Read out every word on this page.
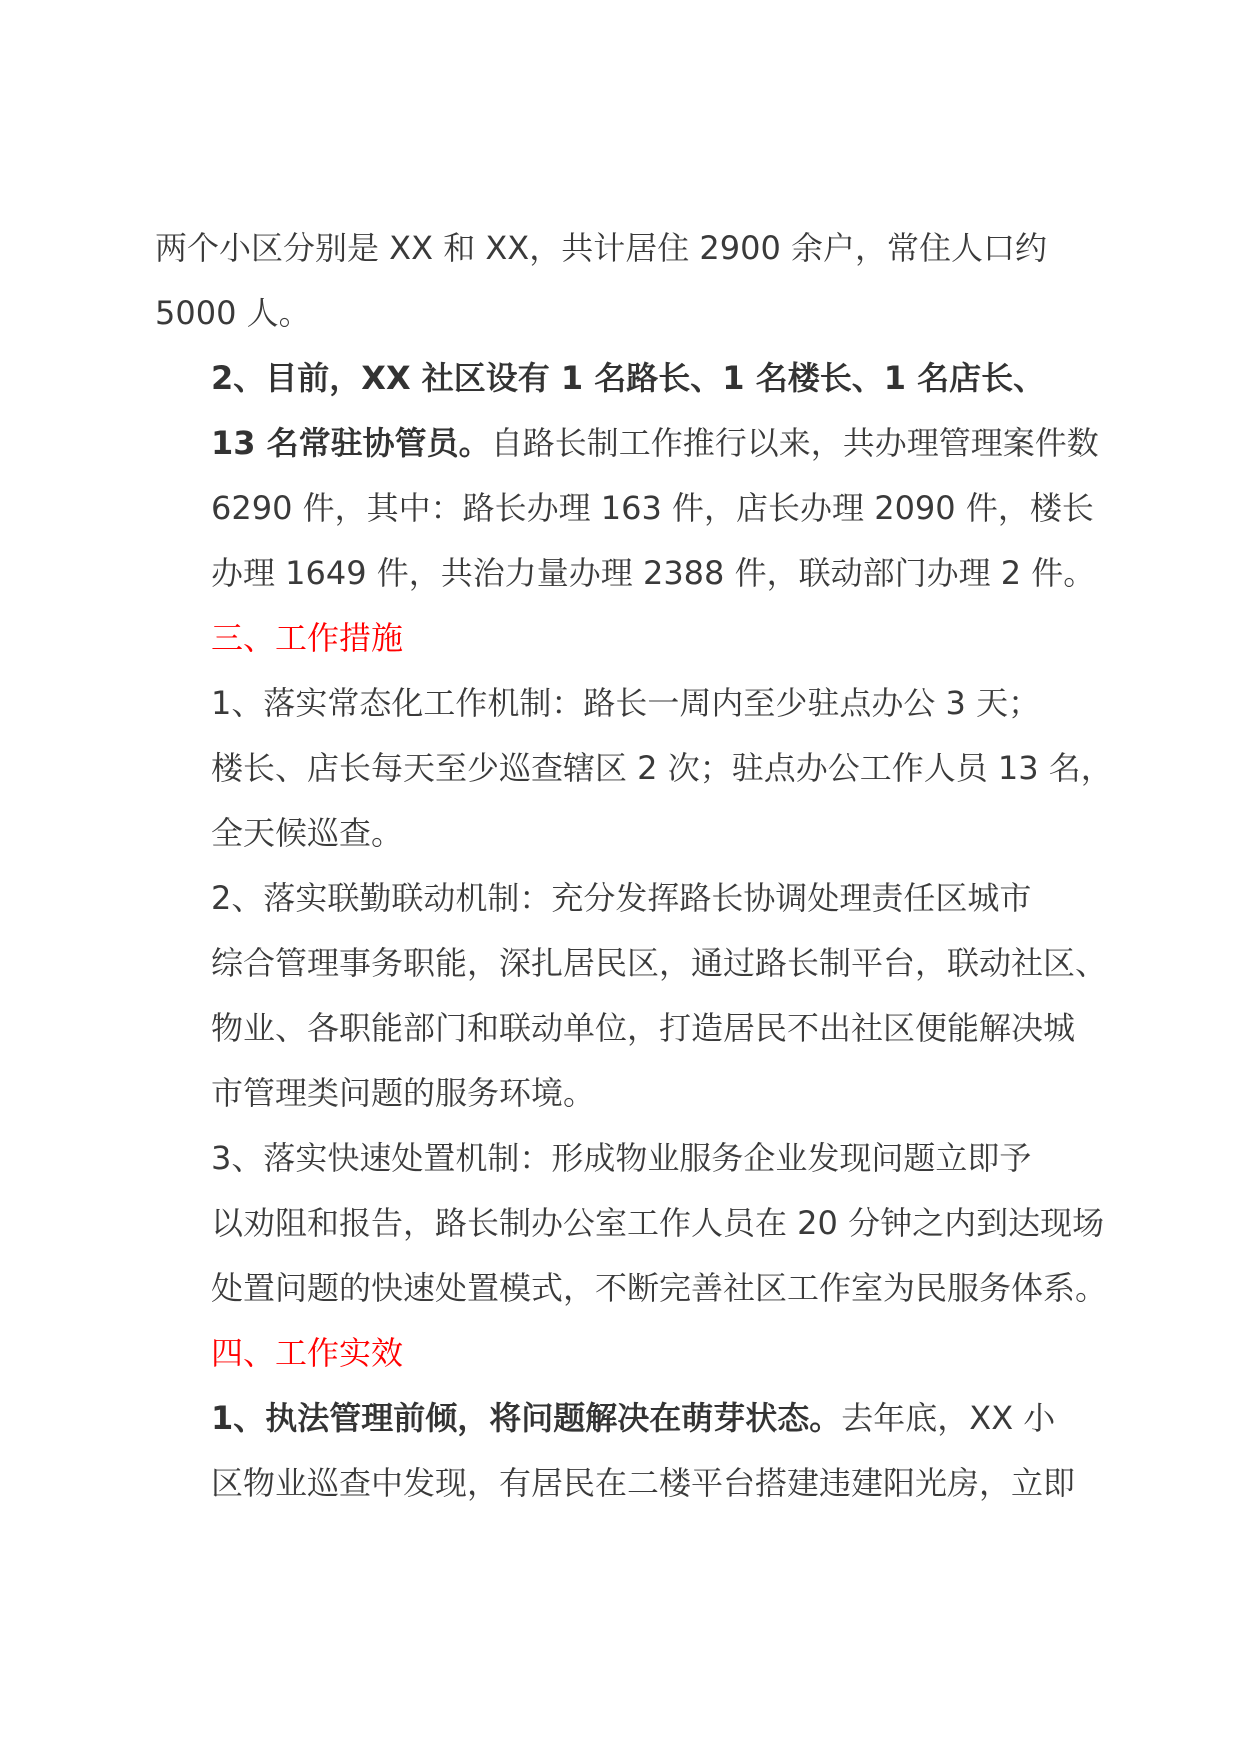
两个小区分别是 XX 和 XX，共计居住 2900 余户，常住人口约
5000 人。

2、目前，XX 社区设有 1 名路长、1 名楼长、1 名店长、
13 名常驻协管员。自路长制工作推行以来，共办理管理案件数
6290 件，其中：路长办理 163 件，店长办理 2090 件，楼长
办理 1649 件，共治力量办理 2388 件，联动部门办理 2 件。

三、工作措施

1、落实常态化工作机制：路长一周内至少驻点办公 3 天；
楼长、店长每天至少巡查辖区 2 次；驻点办公工作人员 13 名，
全天候巡查。

2、落实联勤联动机制：充分发挥路长协调处理责任区城市
综合管理事务职能，深扎居民区，通过路长制平台，联动社区、
物业、各职能部门和联动单位，打造居民不出社区便能解决城
市管理类问题的服务环境。

3、落实快速处置机制：形成物业服务企业发现问题立即予
以劝阻和报告，路长制办公室工作人员在 20 分钟之内到达现场
处置问题的快速处置模式，不断完善社区工作室为民服务体系。

四、工作实效

1、执法管理前倾，将问题解决在萌芽状态。去年底，XX 小
区物业巡查中发现，有居民在二楼平台搭建违建阳光房，立即
